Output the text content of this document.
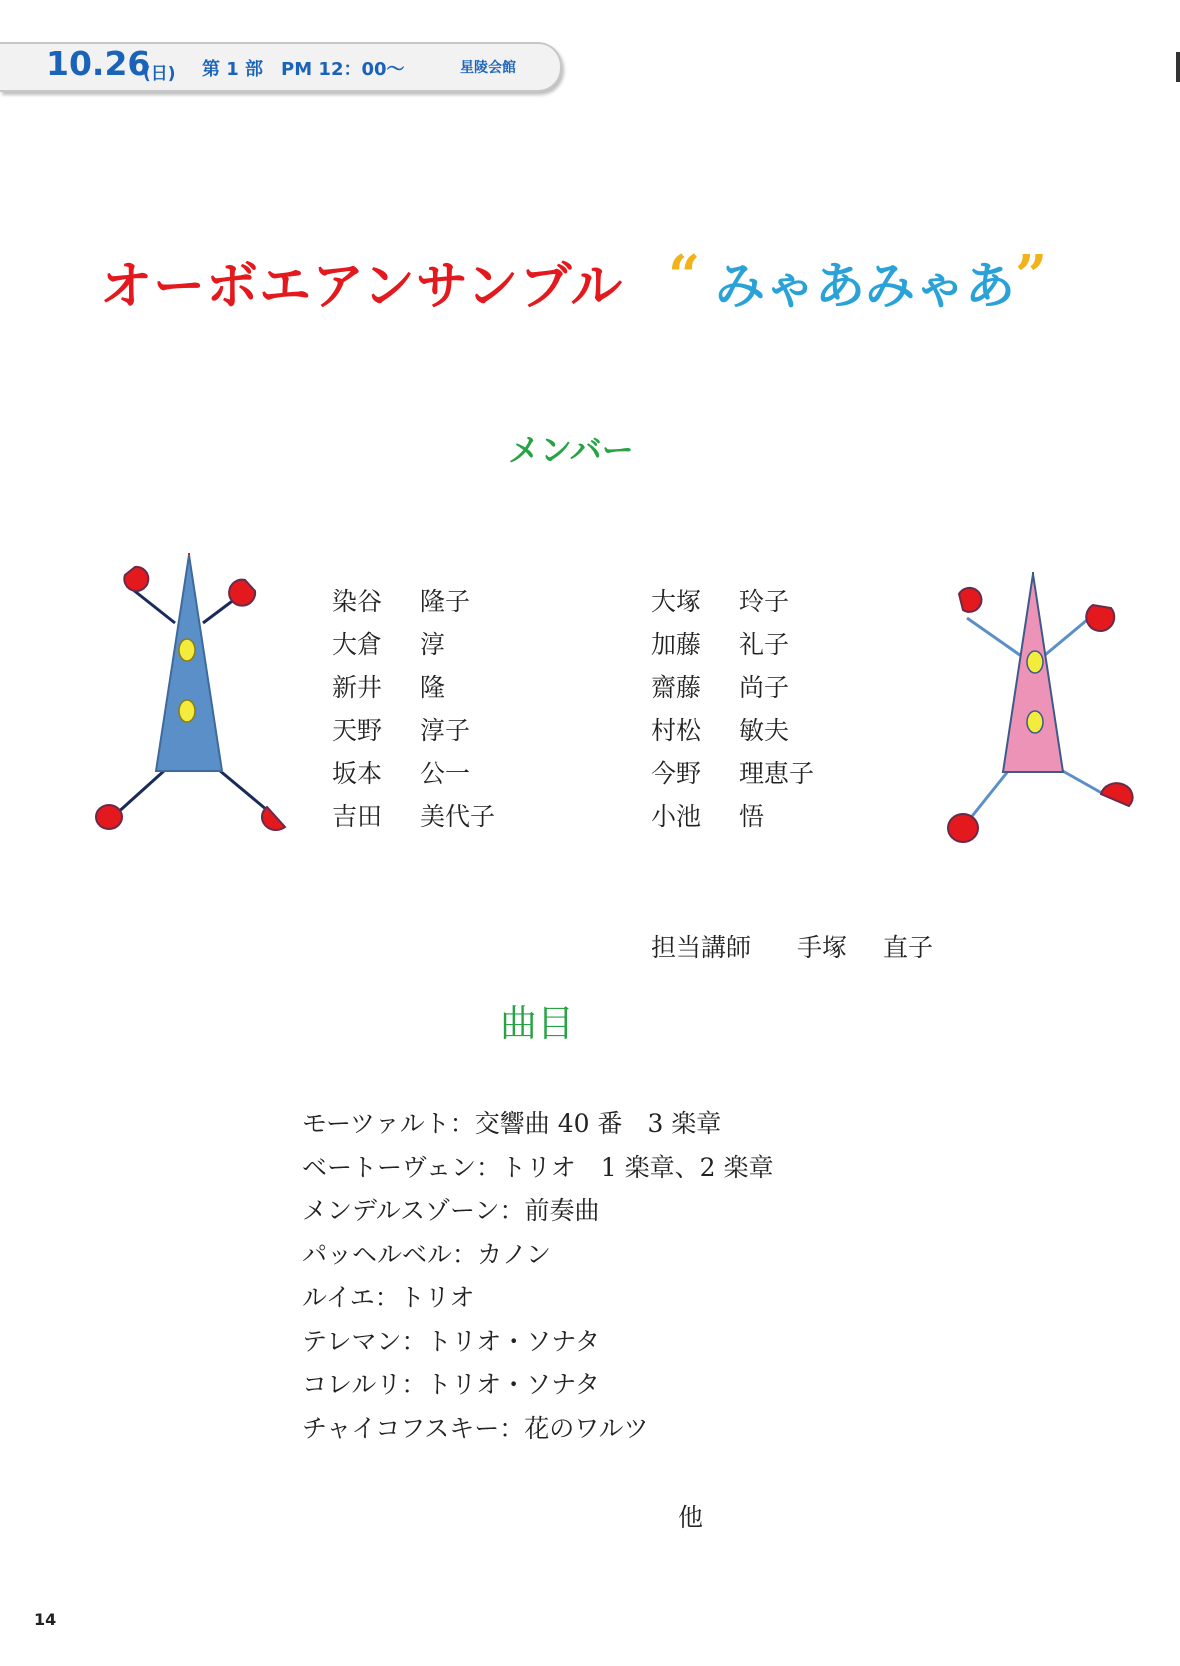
10.26
(日) 第 1 部　PM 12：00～	星陵会館
オーボエアンサンブル “ みゃあみゃあ ”
メンバー
染谷 隆子
大倉 淳
新井 隆
天野 淳子
坂本 公一
吉田 美代子
大塚 玲子
加藤 礼子
齋藤 尚子
村松 敏夫
今野 理恵子
小池 悟
担当講師 手塚 直子
曲目
モーツァルト：交響曲 40 番　3 楽章
ベートーヴェン：トリオ　1 楽章、2 楽章
メンデルスゾーン：前奏曲
パッヘルベル：カノン
ルイエ：トリオ
テレマン：トリオ・ソナタ
コレルリ：トリオ・ソナタ
チャイコフスキー：花のワルツ
他
14
